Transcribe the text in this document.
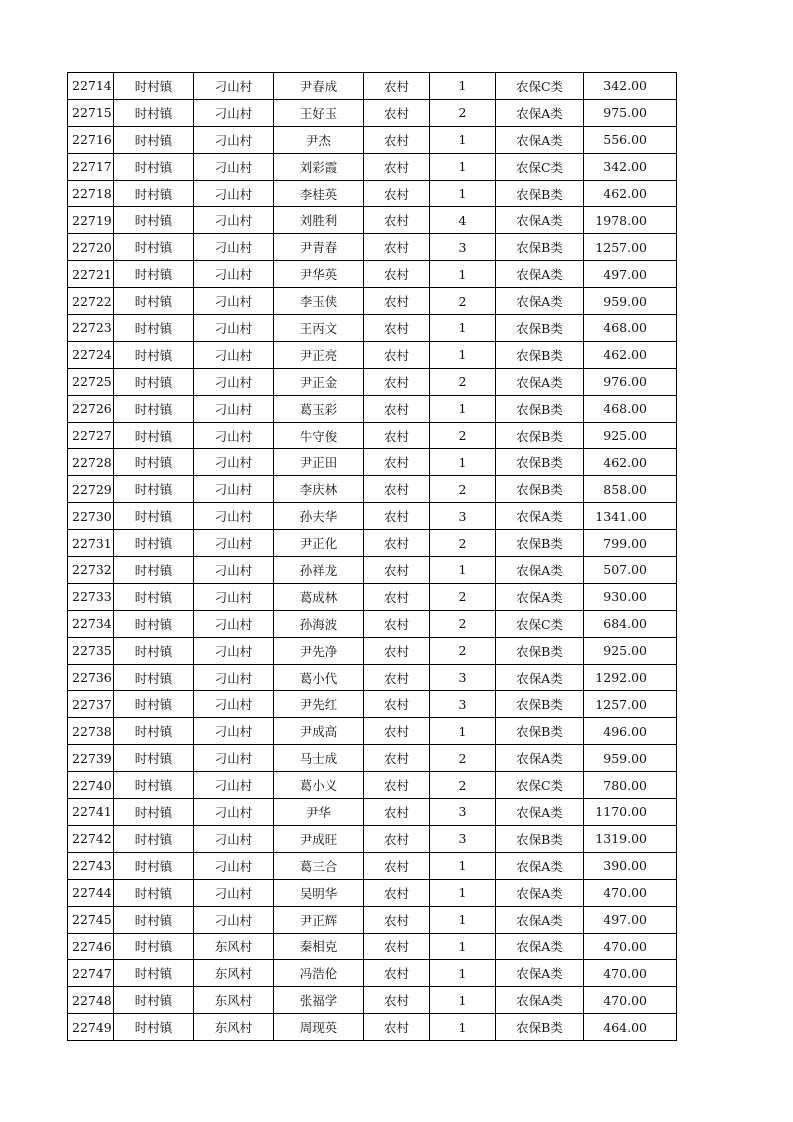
22714	时村镇	刁山村	尹春成	农村	1	农保C类	342.00
22715	时村镇	刁山村	王好玉	农村	2	农保A类	975.00
22716	时村镇	刁山村	尹杰	农村	1	农保A类	556.00
22717	时村镇	刁山村	刘彩霞	农村	1	农保C类	342.00
22718	时村镇	刁山村	李桂英	农村	1	农保B类	462.00
22719	时村镇	刁山村	刘胜利	农村	4	农保A类	1978.00
22720	时村镇	刁山村	尹青春	农村	3	农保B类	1257.00
22721	时村镇	刁山村	尹华英	农村	1	农保A类	497.00
22722	时村镇	刁山村	李玉侠	农村	2	农保A类	959.00
22723	时村镇	刁山村	王丙文	农村	1	农保B类	468.00
22724	时村镇	刁山村	尹正亮	农村	1	农保B类	462.00
22725	时村镇	刁山村	尹正金	农村	2	农保A类	976.00
22726	时村镇	刁山村	葛玉彩	农村	1	农保B类	468.00
22727	时村镇	刁山村	牛守俊	农村	2	农保B类	925.00
22728	时村镇	刁山村	尹正田	农村	1	农保B类	462.00
22729	时村镇	刁山村	李庆林	农村	2	农保B类	858.00
22730	时村镇	刁山村	孙夫华	农村	3	农保A类	1341.00
22731	时村镇	刁山村	尹正化	农村	2	农保B类	799.00
22732	时村镇	刁山村	孙祥龙	农村	1	农保A类	507.00
22733	时村镇	刁山村	葛成林	农村	2	农保A类	930.00
22734	时村镇	刁山村	孙海波	农村	2	农保C类	684.00
22735	时村镇	刁山村	尹先净	农村	2	农保B类	925.00
22736	时村镇	刁山村	葛小代	农村	3	农保A类	1292.00
22737	时村镇	刁山村	尹先红	农村	3	农保B类	1257.00
22738	时村镇	刁山村	尹成高	农村	1	农保B类	496.00
22739	时村镇	刁山村	马士成	农村	2	农保A类	959.00
22740	时村镇	刁山村	葛小义	农村	2	农保C类	780.00
22741	时村镇	刁山村	尹华	农村	3	农保A类	1170.00
22742	时村镇	刁山村	尹成旺	农村	3	农保B类	1319.00
22743	时村镇	刁山村	葛三合	农村	1	农保A类	390.00
22744	时村镇	刁山村	吴明华	农村	1	农保A类	470.00
22745	时村镇	刁山村	尹正辉	农村	1	农保A类	497.00
22746	时村镇	东风村	秦相克	农村	1	农保A类	470.00
22747	时村镇	东风村	冯浩伦	农村	1	农保A类	470.00
22748	时村镇	东风村	张福学	农村	1	农保A类	470.00
22749	时村镇	东风村	周现英	农村	1	农保B类	464.00
